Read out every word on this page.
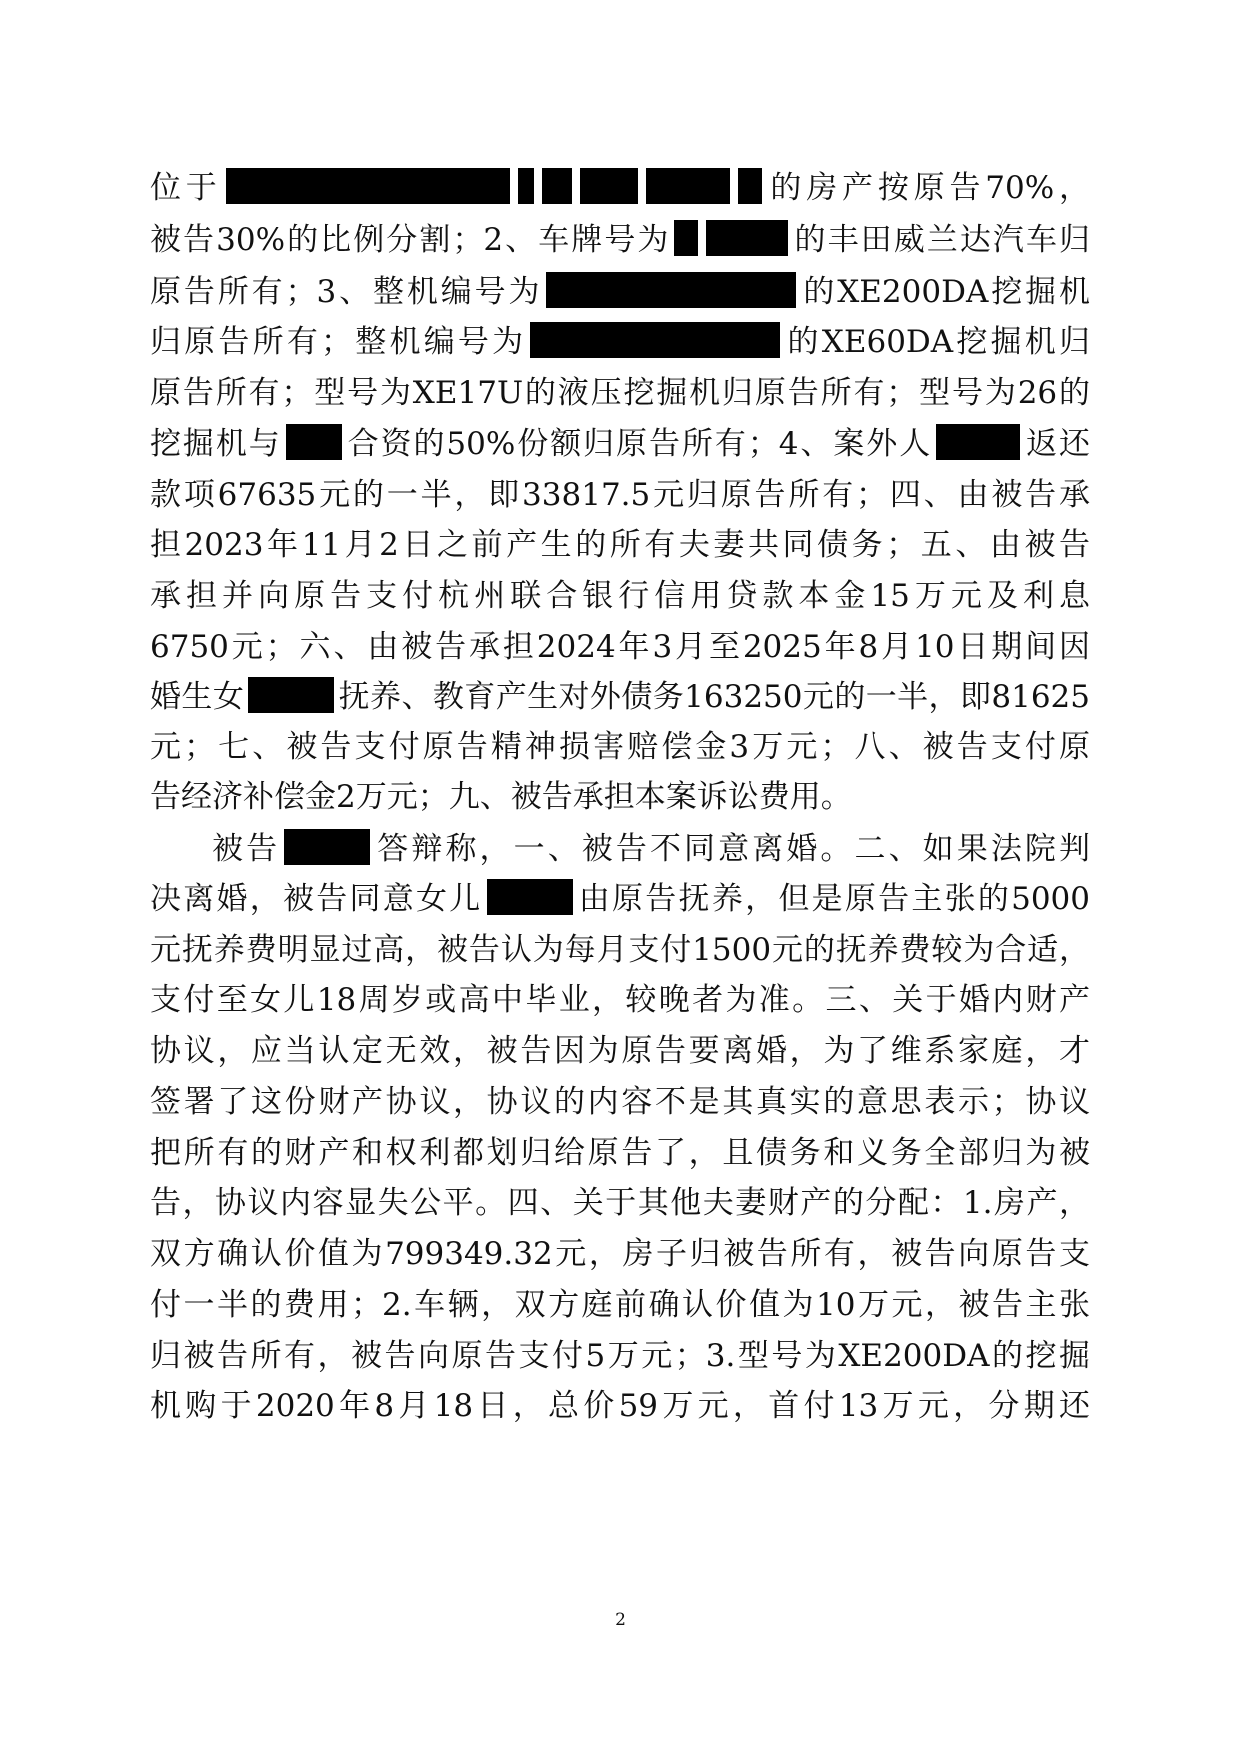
位于	的房产按原告70%，
被告30%的比例分割；2、车牌号为	的丰田威兰达汽车归
原告所有；3、整机编号为	的XE200DA挖掘机
归原告所有；整机编号为	的XE60DA挖掘机归
原告所有；型号为XE17U的液压挖掘机归原告所有；型号为26的
挖掘机与 合资的50%份额归原告所有；4、案外人	返还
款项67635元的一半，即33817.5元归原告所有；四、由被告承
担2023年11月2日之前产生的所有夫妻共同债务；五、由被告
承担并向原告支付杭州联合银行信用贷款本金15万元及利息
6750元；六、由被告承担2024年3月至2025年8月10日期间因
婚生女	抚养、教育产生对外债务163250元的一半，即81625
元；七、被告支付原告精神损害赔偿金3万元；八、被告支付原
告经济补偿金2万元；九、被告承担本案诉讼费用。
被告	答辩称，一、被告不同意离婚。二、如果法院判
决离婚，被告同意女儿	由原告抚养，但是原告主张的5000
元抚养费明显过高，被告认为每月支付1500元的抚养费较为合适，
支付至女儿18周岁或高中毕业，较晚者为准。三、关于婚内财产
协议，应当认定无效，被告因为原告要离婚，为了维系家庭，才
签署了这份财产协议，协议的内容不是其真实的意思表示；协议
把所有的财产和权利都划归给原告了，且债务和义务全部归为被
告，协议内容显失公平。四、关于其他夫妻财产的分配：1.房产，
双方确认价值为799349.32元，房子归被告所有，被告向原告支
付一半的费用；2.车辆，双方庭前确认价值为10万元，被告主张
归被告所有，被告向原告支付5万元；3.型号为XE200DA的挖掘
机购于2020年8月18日，总价59万元，首付13万元，分期还
2
